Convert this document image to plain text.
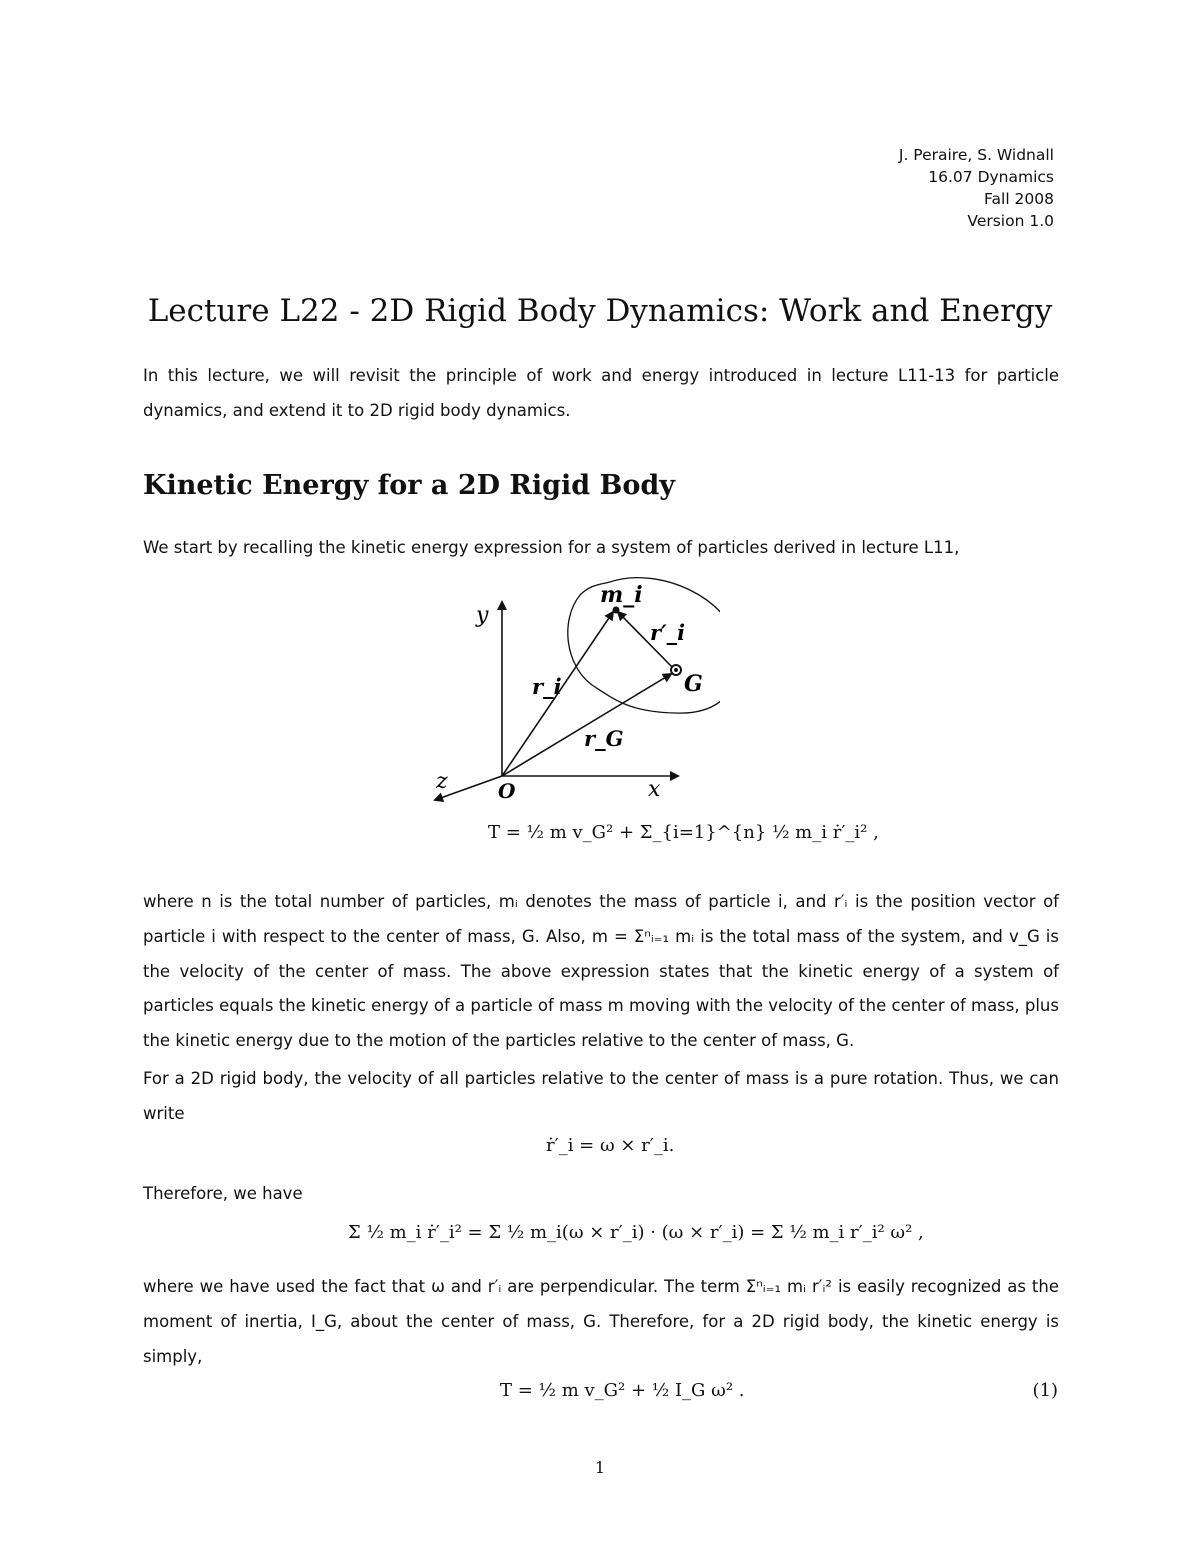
J. Peraire, S. Widnall
16.07 Dynamics
Fall 2008
Version 1.0
Lecture L22 - 2D Rigid Body Dynamics: Work and Energy

In this lecture, we will revisit the principle of work and energy introduced in lecture L11-13 for particle dynamics, and extend it to 2D rigid body dynamics.

Kinetic Energy for a 2D Rigid Body

We start by recalling the kinetic energy expression for a system of particles derived in lecture L11,

y
x
z	O
m_i
r′_i
r_i
r_G
G
T = ½ m v_G² + Σ_{i=1}^{n} ½ m_i ṙ′_i² ,

where n is the total number of particles, mᵢ denotes the mass of particle i, and r′ᵢ is the position vector of particle i with respect to the center of mass, G. Also, m = Σⁿᵢ₌₁ mᵢ is the total mass of the system, and v_G is the velocity of the center of mass. The above expression states that the kinetic energy of a system of particles equals the kinetic energy of a particle of mass m moving with the velocity of the center of mass, plus the kinetic energy due to the motion of the particles relative to the center of mass, G.

For a 2D rigid body, the velocity of all particles relative to the center of mass is a pure rotation. Thus, we can write

ṙ′_i = ω × r′_i.

Therefore, we have

Σ ½ m_i ṙ′_i² = Σ ½ m_i(ω × r′_i) · (ω × r′_i) = Σ ½ m_i r′_i² ω² ,

where we have used the fact that ω and r′ᵢ are perpendicular. The term Σⁿᵢ₌₁ mᵢ r′ᵢ² is easily recognized as the moment of inertia, I_G, about the center of mass, G. Therefore, for a 2D rigid body, the kinetic energy is simply,

T = ½ m v_G² + ½ I_G ω² .	(1)
1
